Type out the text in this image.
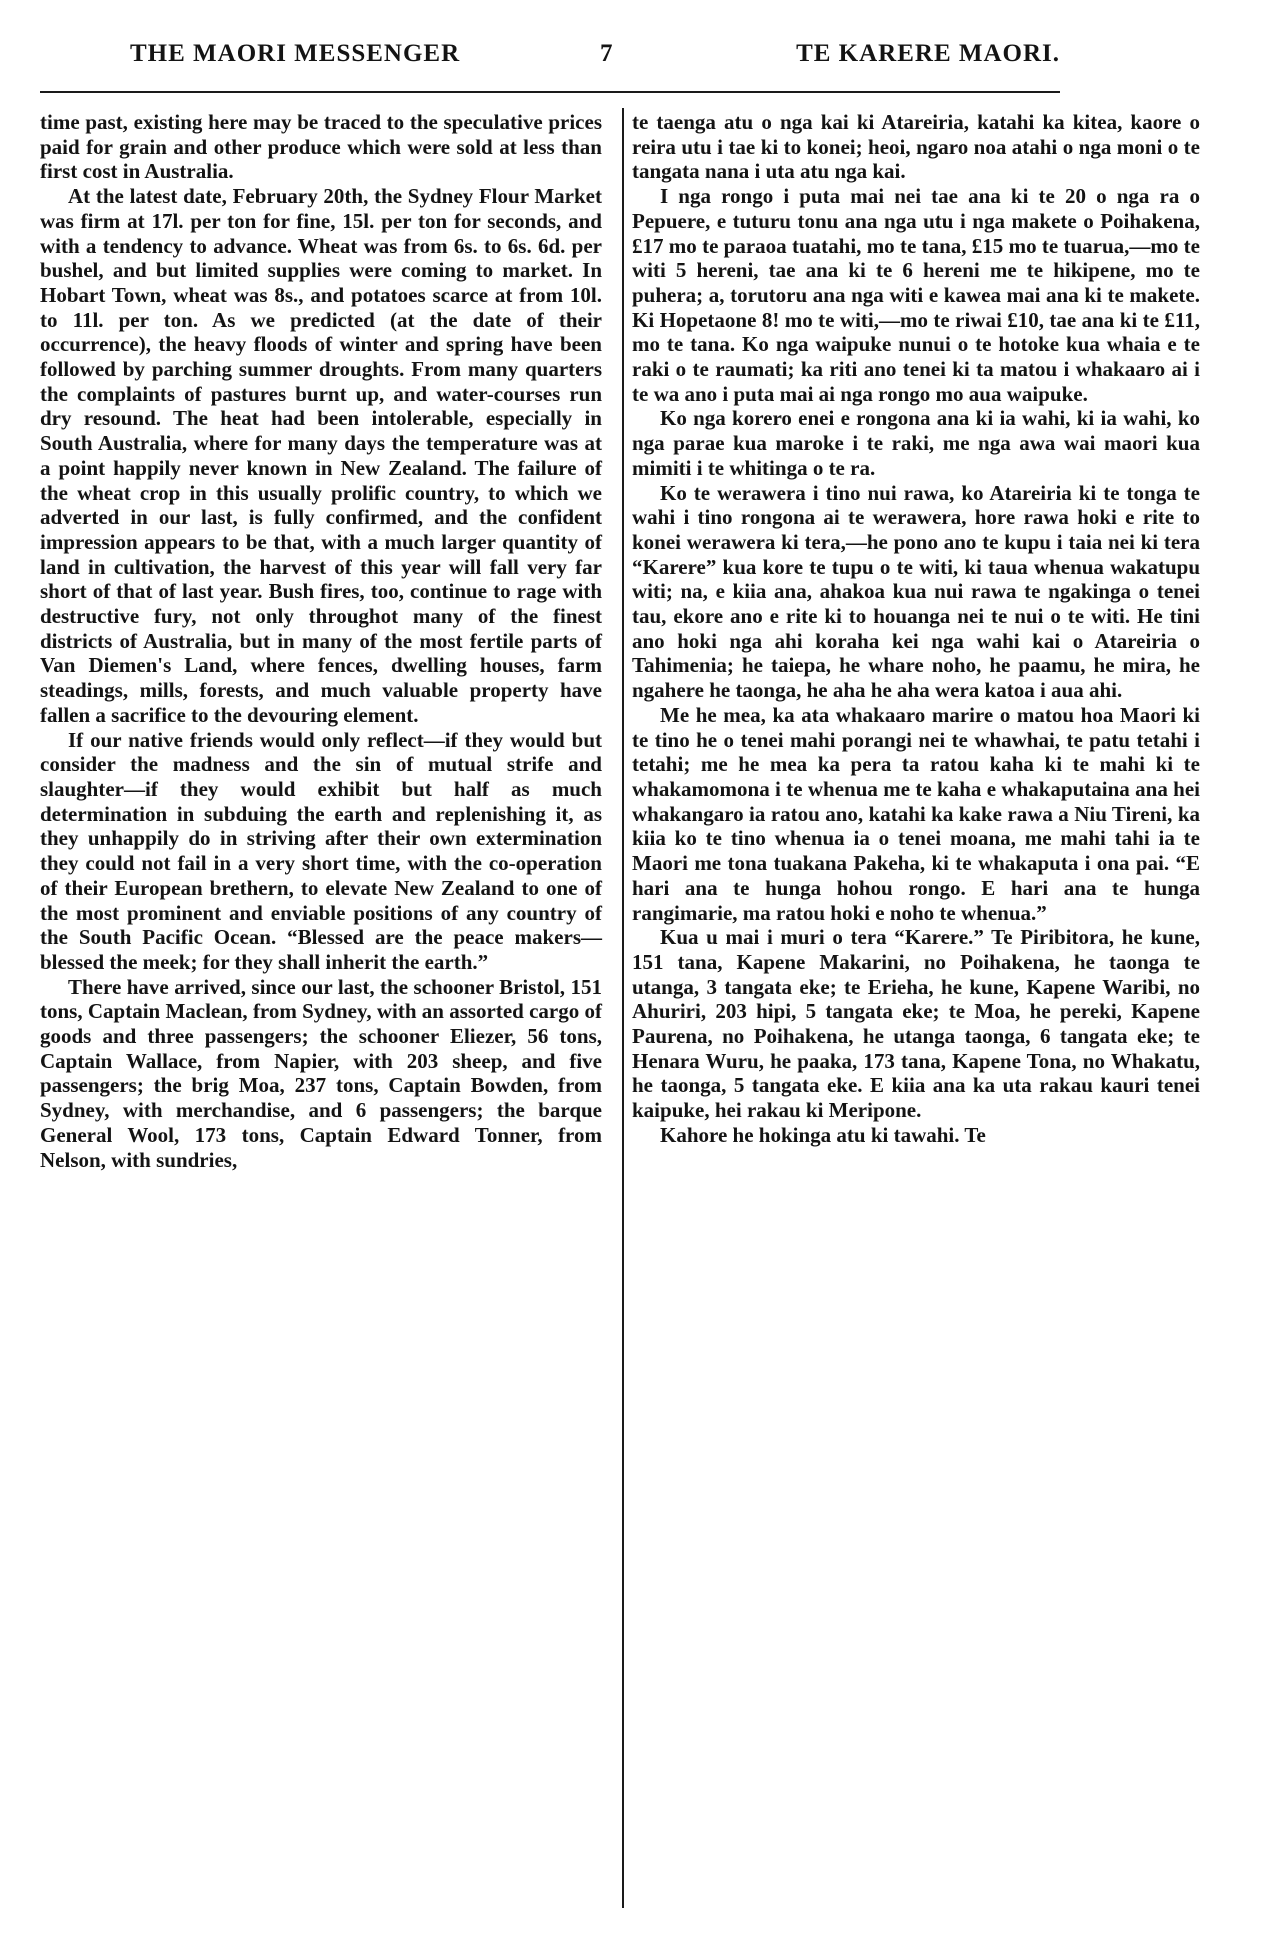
THE MAORI MESSENGER	7	TE KARERE MAORI.

time past, existing here may be traced to the speculative prices paid for grain and other produce which were sold at less than first cost in Australia.

At the latest date, February 20th, the Sydney Flour Market was firm at 17l. per ton for fine, 15l. per ton for seconds, and with a tendency to advance. Wheat was from 6s. to 6s. 6d. per bushel, and but limited supplies were coming to market. In Hobart Town, wheat was 8s., and potatoes scarce at from 10l. to 11l. per ton. As we predicted (at the date of their occurrence), the heavy floods of winter and spring have been followed by parching summer droughts. From many quarters the complaints of pastures burnt up, and water-courses run dry resound. The heat had been intolerable, especially in South Australia, where for many days the temperature was at a point happily never known in New Zealand. The failure of the wheat crop in this usually prolific country, to which we adverted in our last, is fully confirmed, and the confident impression appears to be that, with a much larger quantity of land in cultivation, the harvest of this year will fall very far short of that of last year. Bush fires, too, continue to rage with destructive fury, not only throughot many of the finest districts of Australia, but in many of the most fertile parts of Van Diemen's Land, where fences, dwelling houses, farm steadings, mills, forests, and much valuable property have fallen a sacrifice to the devouring element.

If our native friends would only reflect—if they would but consider the madness and the sin of mutual strife and slaughter—if they would exhibit but half as much determination in subduing the earth and replenishing it, as they unhappily do in striving after their own extermination they could not fail in a very short time, with the co-operation of their European brethern, to elevate New Zealand to one of the most prominent and enviable positions of any country of the South Pacific Ocean. “Blessed are the peace makers—blessed the meek; for they shall inherit the earth.”

There have arrived, since our last, the schooner Bristol, 151 tons, Captain Maclean, from Sydney, with an assorted cargo of goods and three passengers; the schooner Eliezer, 56 tons, Captain Wallace, from Napier, with 203 sheep, and five passengers; the brig Moa, 237 tons, Captain Bowden, from Sydney, with merchandise, and 6 passengers; the barque General Wool, 173 tons, Captain Edward Tonner, from Nelson, with sundries,

te taenga atu o nga kai ki Atareiria, katahi ka kitea, kaore o reira utu i tae ki to konei; heoi, ngaro noa atahi o nga moni o te tangata nana i uta atu nga kai.

I nga rongo i puta mai nei tae ana ki te 20 o nga ra o Pepuere, e tuturu tonu ana nga utu i nga makete o Poihakena, £17 mo te paraoa tuatahi, mo te tana, £15 mo te tuarua,—mo te witi 5 hereni, tae ana ki te 6 hereni me te hikipene, mo te puhera; a, torutoru ana nga witi e kawea mai ana ki te makete. Ki Hopetaone 8! mo te witi,—mo te riwai £10, tae ana ki te £11, mo te tana. Ko nga waipuke nunui o te hotoke kua whaia e te raki o te raumati; ka riti ano tenei ki ta matou i whakaaro ai i te wa ano i puta mai ai nga rongo mo aua waipuke.

Ko nga korero enei e rongona ana ki ia wahi, ki ia wahi, ko nga parae kua maroke i te raki, me nga awa wai maori kua mimiti i te whitinga o te ra.

Ko te werawera i tino nui rawa, ko Atareiria ki te tonga te wahi i tino rongona ai te werawera, hore rawa hoki e rite to konei werawera ki tera,—he pono ano te kupu i taia nei ki tera “Karere” kua kore te tupu o te witi, ki taua whenua wakatupu witi; na, e kiia ana, ahakoa kua nui rawa te ngakinga o tenei tau, ekore ano e rite ki to houanga nei te nui o te witi. He tini ano hoki nga ahi koraha kei nga wahi kai o Atareiria o Tahimenia; he taiepa, he whare noho, he paamu, he mira, he ngahere he taonga, he aha he aha wera katoa i aua ahi.

Me he mea, ka ata whakaaro marire o matou hoa Maori ki te tino he o tenei mahi porangi nei te whawhai, te patu tetahi i tetahi; me he mea ka pera ta ratou kaha ki te mahi ki te whakamomona i te whenua me te kaha e whakaputaina ana hei whakangaro ia ratou ano, katahi ka kake rawa a Niu Tireni, ka kiia ko te tino whenua ia o tenei moana, me mahi tahi ia te Maori me tona tuakana Pakeha, ki te whakaputa i ona pai. “E hari ana te hunga hohou rongo. E hari ana te hunga rangimarie, ma ratou hoki e noho te whenua.”

Kua u mai i muri o tera “Karere.” Te Piribitora, he kune, 151 tana, Kapene Makarini, no Poihakena, he taonga te utanga, 3 tangata eke; te Erieha, he kune, Kapene Waribi, no Ahuriri, 203 hipi, 5 tangata eke; te Moa, he pereki, Kapene Paurena, no Poihakena, he utanga taonga, 6 tangata eke; te Henara Wuru, he paaka, 173 tana, Kapene Tona, no Whakatu, he taonga, 5 tangata eke. E kiia ana ka uta rakau kauri tenei kaipuke, hei rakau ki Meripone.

Kahore he hokinga atu ki tawahi. Te
